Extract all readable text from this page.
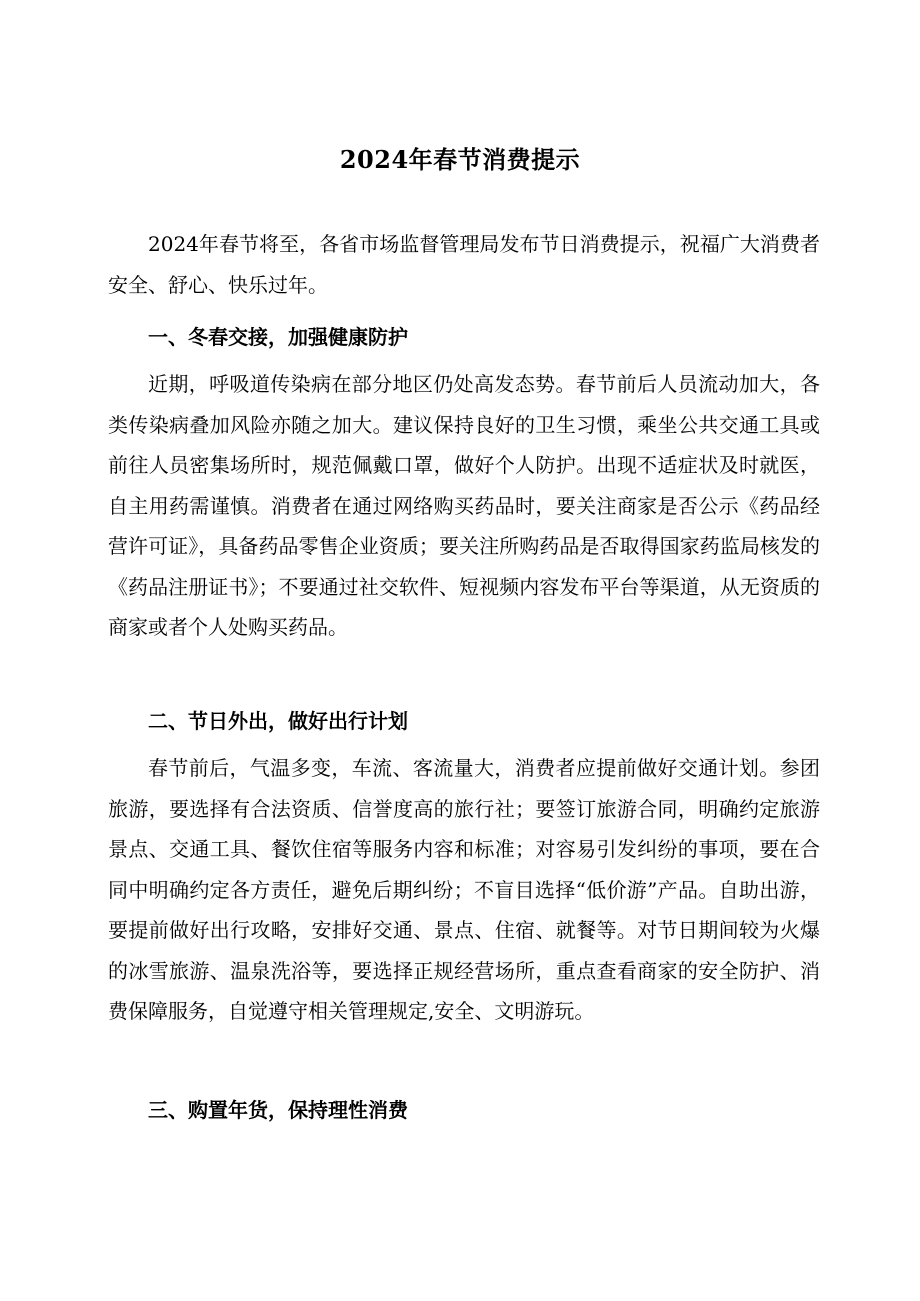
2024年春节消费提示

2024年春节将至，各省市场监督管理局发布节日消费提示，祝福广大消费者安全、舒心、快乐过年。

一、冬春交接，加强健康防护

近期，呼吸道传染病在部分地区仍处高发态势。春节前后人员流动加大，各类传染病叠加风险亦随之加大。建议保持良好的卫生习惯，乘坐公共交通工具或前往人员密集场所时，规范佩戴口罩，做好个人防护。出现不适症状及时就医，自主用药需谨慎。消费者在通过网络购买药品时，要关注商家是否公示《药品经营许可证》，具备药品零售企业资质；要关注所购药品是否取得国家药监局核发的《药品注册证书》；不要通过社交软件、短视频内容发布平台等渠道，从无资质的商家或者个人处购买药品。

二、节日外出，做好出行计划

春节前后，气温多变，车流、客流量大，消费者应提前做好交通计划。参团旅游，要选择有合法资质、信誉度高的旅行社；要签订旅游合同，明确约定旅游景点、交通工具、餐饮住宿等服务内容和标准；对容易引发纠纷的事项，要在合同中明确约定各方责任，避免后期纠纷；不盲目选择“低价游”产品。自助出游，要提前做好出行攻略，安排好交通、景点、住宿、就餐等。对节日期间较为火爆的冰雪旅游、温泉洗浴等，要选择正规经营场所，重点查看商家的安全防护、消费保障服务，自觉遵守相关管理规定,安全、文明游玩。

三、购置年货，保持理性消费
